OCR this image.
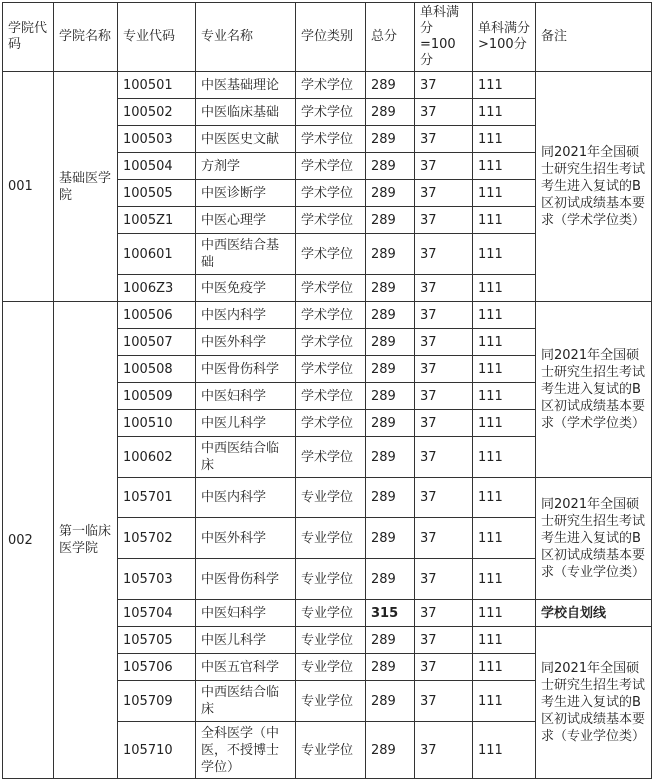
学院代码	学院名称	专业代码	专业名称	学位类别	总分	单科满分=100分	单科满分>100分	备注
001	基础医学院	100501	中医基础理论	学术学位	289	37	111	同2021年全国硕士研究生招生考试考生进入复试的B区初试成绩基本要求（学术学位类）
		100502	中医临床基础	学术学位	289	37	111	
		100503	中医医史文献	学术学位	289	37	111	
		100504	方剂学	学术学位	289	37	111	
		100505	中医诊断学	学术学位	289	37	111	
		1005Z1	中医心理学	学术学位	289	37	111	
		100601	中西医结合基础	学术学位	289	37	111	
		1006Z3	中医免疫学	学术学位	289	37	111	
002	第一临床医学院	100506	中医内科学	学术学位	289	37	111	同2021年全国硕士研究生招生考试考生进入复试的B区初试成绩基本要求（学术学位类）
		100507	中医外科学	学术学位	289	37	111	
		100508	中医骨伤科学	学术学位	289	37	111	
		100509	中医妇科学	学术学位	289	37	111	
		100510	中医儿科学	学术学位	289	37	111	
		100602	中西医结合临床	学术学位	289	37	111	
		105701	中医内科学	专业学位	289	37	111	同2021年全国硕士研究生招生考试考生进入复试的B区初试成绩基本要求（专业学位类）
		105702	中医外科学	专业学位	289	37	111	
		105703	中医骨伤科学	专业学位	289	37	111	
		105704	中医妇科学	专业学位	315	37	111	学校自划线
		105705	中医儿科学	专业学位	289	37	111	同2021年全国硕士研究生招生考试考生进入复试的B区初试成绩基本要求（专业学位类）
		105706	中医五官科学	专业学位	289	37	111	
		105709	中西医结合临床	专业学位	289	37	111	
		105710	全科医学（中医，不授博士学位）	专业学位	289	37	111	
